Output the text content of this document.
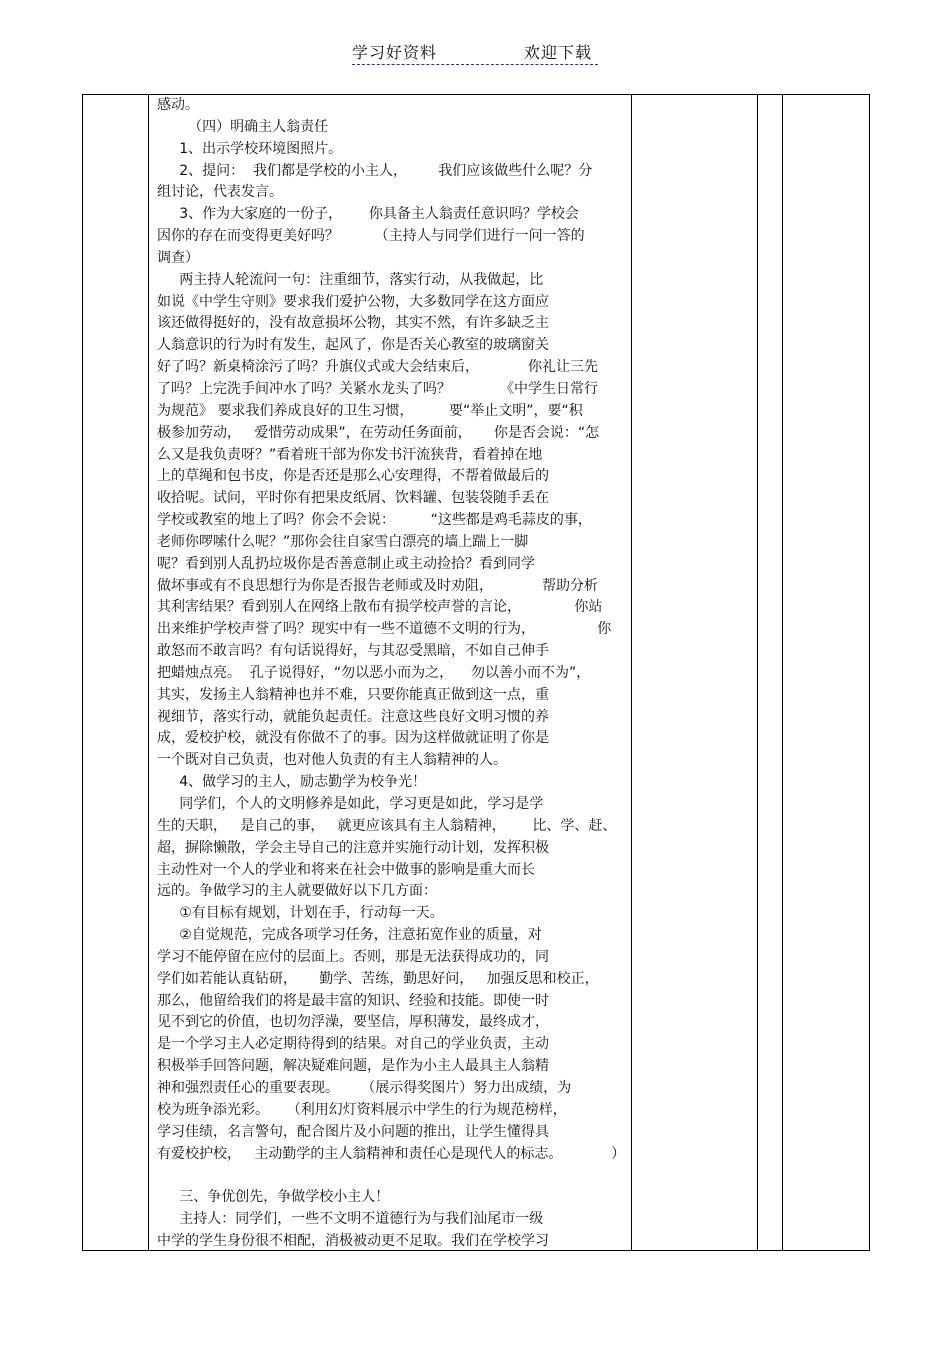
学习好资料	欢迎下载
感动。
（四）明确主人翁责任
1、出示学校环境图照片。
2、提问：  我们都是学校的小主人，       我们应该做些什么呢？分
组讨论，代表发言。
3、作为大家庭的一份子，      你具备主人翁责任意识吗？学校会
因你的存在而变得更美好吗？        （主持人与同学们进行一问一答的
调查）
两主持人轮流问一句：注重细节，落实行动，从我做起，比
如说《中学生守则》要求我们爱护公物，大多数同学在这方面应
该还做得挺好的，没有故意损坏公物，其实不然，有许多缺乏主
人翁意识的行为时有发生，起风了，你是否关心教室的玻璃窗关
好了吗？新桌椅涂污了吗？升旗仪式或大会结束后，           你礼让三先
了吗？上完洗手间冲水了吗？关紧水龙头了吗？           《中学生日常行
为规范》 要求我们养成良好的卫生习惯，        要“举止文明”，要“积
极参加劳动，   爱惜劳动成果”，在劳动任务面前，     你是否会说：“怎
么又是我负责呀？”看着班干部为你发书汗流狭背，看着掉在地
上的草绳和包书皮，你是否还是那么心安理得，不帮着做最后的
收拾呢。试问，平时你有把果皮纸屑、饮料罐、包装袋随手丢在
学校或教室的地上了吗？你会不会说：        “这些都是鸡毛蒜皮的事，
老师你啰嗦什么呢？”那你会往自家雪白漂亮的墙上踹上一脚
呢？看到别人乱扔垃圾你是否善意制止或主动捡拾？看到同学
做坏事或有不良思想行为你是否报告老师或及时劝阻，           帮助分析
其利害结果？看到别人在网络上散布有损学校声誉的言论，            你站
出来维护学校声誉了吗？现实中有一些不道德不文明的行为，              你
敢怒而不敢言吗？有句话说得好，与其忍受黑暗，不如自己伸手
把蜡烛点亮。  孔子说得好，“勿以恶小而为之，    勿以善小而不为”，
其实，发扬主人翁精神也并不难，只要你能真正做到这一点，重
视细节，落实行动，就能负起责任。注意这些良好文明习惯的养
成，爱校护校，就没有你做不了的事。因为这样做就证明了你是
一个既对自己负责，也对他人负责的有主人翁精神的人。
4、做学习的主人，励志勤学为校争光！
同学们，个人的文明修养是如此，学习更是如此，学习是学
生的天职，   是自己的事，   就更应该具有主人翁精神，      比、学、赶、
超，摒除懒散，学会主导自己的注意并实施行动计划，发挥积极
主动性对一个人的学业和将来在社会中做事的影响是重大而长
远的。争做学习的主人就要做好以下几方面：
①有目标有规划，计划在手，行动每一天。
②自觉规范，完成各项学习任务，注意拓宽作业的质量，对
学习不能停留在应付的层面上。否则，那是无法获得成功的，同
学们如若能认真钻研，     勤学、苦练，勤思好问，   加强反思和校正，
那么，他留给我们的将是最丰富的知识、经验和技能。即使一时
见不到它的价值，也切勿浮澡，要坚信，厚积薄发，最终成才，
是一个学习主人必定期待得到的结果。对自己的学业负责，主动
积极举手回答问题，解决疑难问题，是作为小主人最具主人翁精
神和强烈责任心的重要表现。     （展示得奖图片）努力出成绩，为
校为班争添光彩。    （利用幻灯资料展示中学生的行为规范榜样，
学习佳绩，名言警句，配合图片及小问题的推出，让学生懂得具
有爱校护校，   主动勤学的主人翁精神和责任心是现代人的标志。           ）
三、争优创先，争做学校小主人！
主持人：同学们，一些不文明不道德行为与我们汕尾市一级
中学的学生身份很不相配，消极被动更不足取。我们在学校学习
